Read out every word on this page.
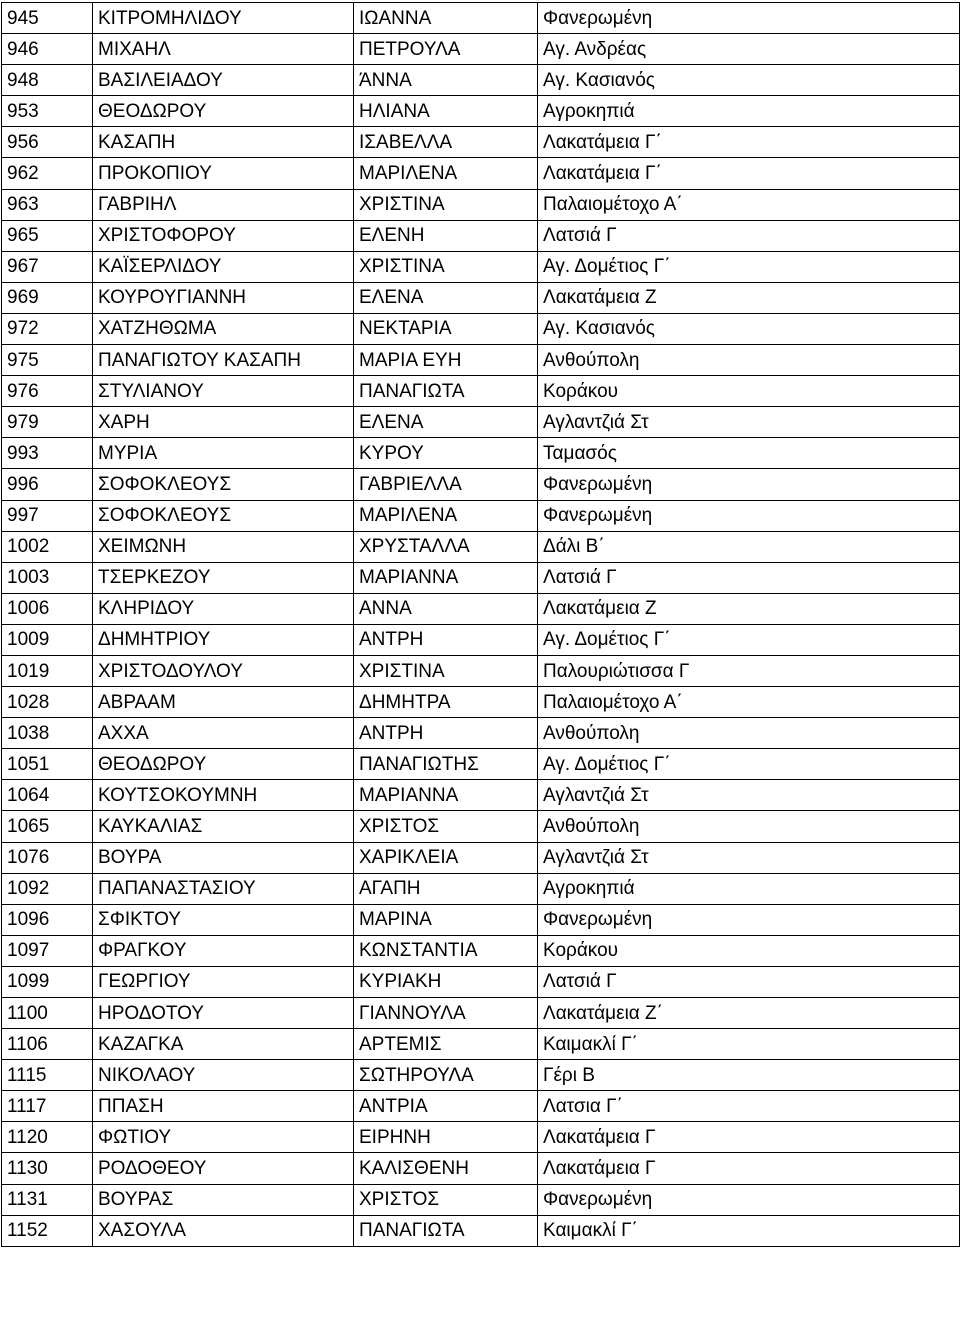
945	ΚΙΤΡΟΜΗΛΙΔΟΥ	ΙΩΑΝΝΑ	Φανερωμένη
946	ΜΙΧΑΗΛ	ΠΕΤΡΟΥΛΑ	Αγ. Ανδρέας
948	ΒΑΣΙΛΕΙΑΔΟΥ	ΆΝΝΑ	Αγ. Κασιανός
953	ΘΕΟΔΩΡΟΥ	ΗΛΙΑΝΑ	Αγροκηπιά
956	ΚΑΣΑΠΗ	ΙΣΑΒΕΛΛΑ	Λακατάμεια Γ΄
962	ΠΡΟΚΟΠΙΟΥ	ΜΑΡΙΛΕΝΑ	Λακατάμεια Γ΄
963	ΓΑΒΡΙΗΛ	ΧΡΙΣΤΙΝΑ	Παλαιομέτοχο Α΄
965	ΧΡΙΣΤΟΦΟΡΟΥ	ΕΛΕΝΗ	Λατσιά Γ
967	ΚΑΪΣΕΡΛΙΔΟΥ	ΧΡΙΣΤΙΝΑ	Αγ. Δομέτιος Γ΄
969	ΚΟΥΡΟΥΓΙΑΝΝΗ	ΕΛΕΝΑ	Λακατάμεια Ζ
972	ΧΑΤΖΗΘΩΜΑ	ΝΕΚΤΑΡΙΑ	Αγ. Κασιανός
975	ΠΑΝΑΓΙΩΤΟΥ ΚΑΣΑΠΗ	ΜΑΡΙΑ ΕΥΗ	Ανθούπολη
976	ΣΤΥΛΙΑΝΟΥ	ΠΑΝΑΓΙΩΤΑ	Κοράκου
979	ΧΑΡΗ	ΕΛΕΝΑ	Αγλαντζιά Στ
993	ΜΥΡΙΑ	ΚΥΡΟΥ	Ταμασός
996	ΣΟΦΟΚΛΕΟΥΣ	ΓΑΒΡΙΕΛΛΑ	Φανερωμένη
997	ΣΟΦΟΚΛΕΟΥΣ	ΜΑΡΙΛΕΝΑ	Φανερωμένη
1002	ΧΕΙΜΩΝΗ	ΧΡΥΣΤΑΛΛΑ	Δάλι Β΄
1003	ΤΣΕΡΚΕΖΟΥ	ΜΑΡΙΑΝΝΑ	Λατσιά Γ
1006	ΚΛΗΡΙΔΟΥ	ΑΝΝΑ	Λακατάμεια Ζ
1009	ΔΗΜΗΤΡΙΟΥ	ΑΝΤΡΗ	Αγ. Δομέτιος Γ΄
1019	ΧΡΙΣΤΟΔΟΥΛΟΥ	ΧΡΙΣΤΙΝΑ	Παλουριώτισσα Γ
1028	ΑΒΡΑΑΜ	ΔΗΜΗΤΡΑ	Παλαιομέτοχο Α΄
1038	ΑΧΧΑ	ΑΝΤΡΗ	Ανθούπολη
1051	ΘΕΟΔΩΡΟΥ	ΠΑΝΑΓΙΩΤΗΣ	Αγ. Δομέτιος Γ΄
1064	ΚΟΥΤΣΟΚΟΥΜΝΗ	ΜΑΡΙΑΝΝΑ	Αγλαντζιά Στ
1065	ΚΑΥΚΑΛΙΑΣ	ΧΡΙΣΤΟΣ	Ανθούπολη
1076	ΒΟΥΡΑ	ΧΑΡΙΚΛΕΙΑ	Αγλαντζιά Στ
1092	ΠΑΠΑΝΑΣΤΑΣΙΟΥ	ΑΓΑΠΗ	Αγροκηπιά
1096	ΣΦΙΚΤΟΥ	ΜΑΡΙΝΑ	Φανερωμένη
1097	ΦΡΑΓΚΟΥ	ΚΩΝΣΤΑΝΤΙΑ	Κοράκου
1099	ΓΕΩΡΓΙΟΥ	ΚΥΡΙΑΚΗ	Λατσιά Γ
1100	ΗΡΟΔΟΤΟΥ	ΓΙΑΝΝΟΥΛΑ	Λακατάμεια Ζ΄
1106	ΚΑΖΑΓΚΑ	ΑΡΤΕΜΙΣ	Καιμακλί Γ΄
1115	ΝΙΚΟΛΑΟΥ	ΣΩΤΗΡΟΥΛΑ	Γέρι Β
1117	ΠΠΑΣΗ	ΑΝΤΡΙΑ	Λατσια Γ΄
1120	ΦΩΤΙΟΥ	ΕΙΡΗΝΗ	Λακατάμεια Γ
1130	ΡΟΔΟΘΕΟΥ	ΚΑΛΙΣΘΕΝΗ	Λακατάμεια Γ
1131	ΒΟΥΡΑΣ	ΧΡΙΣΤΟΣ	Φανερωμένη
1152	ΧΑΣΟΥΛΑ	ΠΑΝΑΓΙΩΤΑ	Καιμακλί Γ΄
